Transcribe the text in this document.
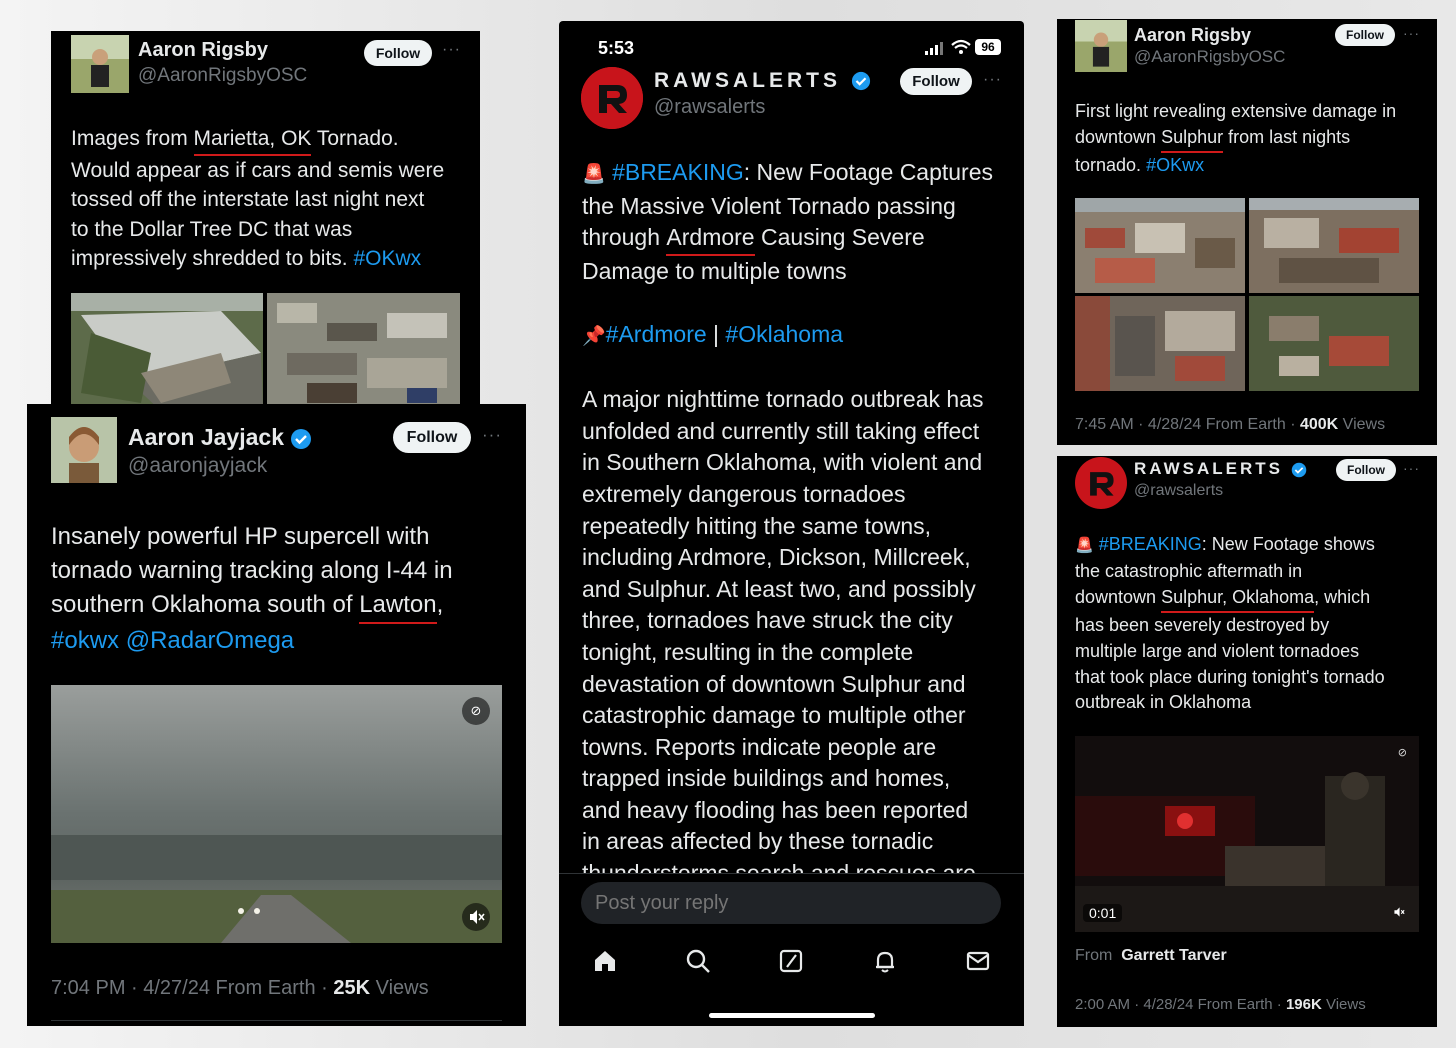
Aaron Rigsby
@AaronRigsbyOSC
Follow	···
Images from Marietta, OK Tornado.
Would appear as if cars and semis were
tossed off the interstate last night next
to the Dollar Tree DC that was
impressively shredded to bits. #OKwx
Aaron Jayjack
@aaronjayjack
Follow	···
Insanely powerful HP supercell with
tornado warning tracking along I-44 in
southern Oklahoma south of Lawton,
#okwx @RadarOmega
⊘
7:04 PM · 4/27/24 From Earth · 25K Views
5:53	96
RAWSALERTS
@rawsalerts
Follow	···
🚨 #BREAKING: New Footage Captures
the Massive Violent Tornado passing
through Ardmore Causing Severe
Damage to multiple towns
📌#Ardmore | #Oklahoma
A major nighttime tornado outbreak has
unfolded and currently still taking effect
in Southern Oklahoma, with violent and
extremely dangerous tornadoes
repeatedly hitting the same towns,
including Ardmore, Dickson, Millcreek,
and Sulphur. At least two, and possibly
three, tornadoes have struck the city
tonight, resulting in the complete
devastation of downtown Sulphur and
catastrophic damage to multiple other
towns. Reports indicate people are
trapped inside buildings and homes,
and heavy flooding has been reported
in areas affected by these tornadic
Post your reply
Aaron Rigsby
@AaronRigsbyOSC
Follow	···
First light revealing extensive damage in
downtown Sulphur from last nights
tornado. #OKwx
7:45 AM · 4/28/24 From Earth · 400K Views
RAWSALERTS
@rawsalerts
Follow	···
🚨 #BREAKING: New Footage shows
the catastrophic aftermath in
downtown Sulphur, Oklahoma, which
has been severely destroyed by
multiple large and violent tornadoes
that took place during tonight's tornado
outbreak in Oklahoma
⊘
0:01
From Garrett Tarver
2:00 AM · 4/28/24 From Earth · 196K Views
